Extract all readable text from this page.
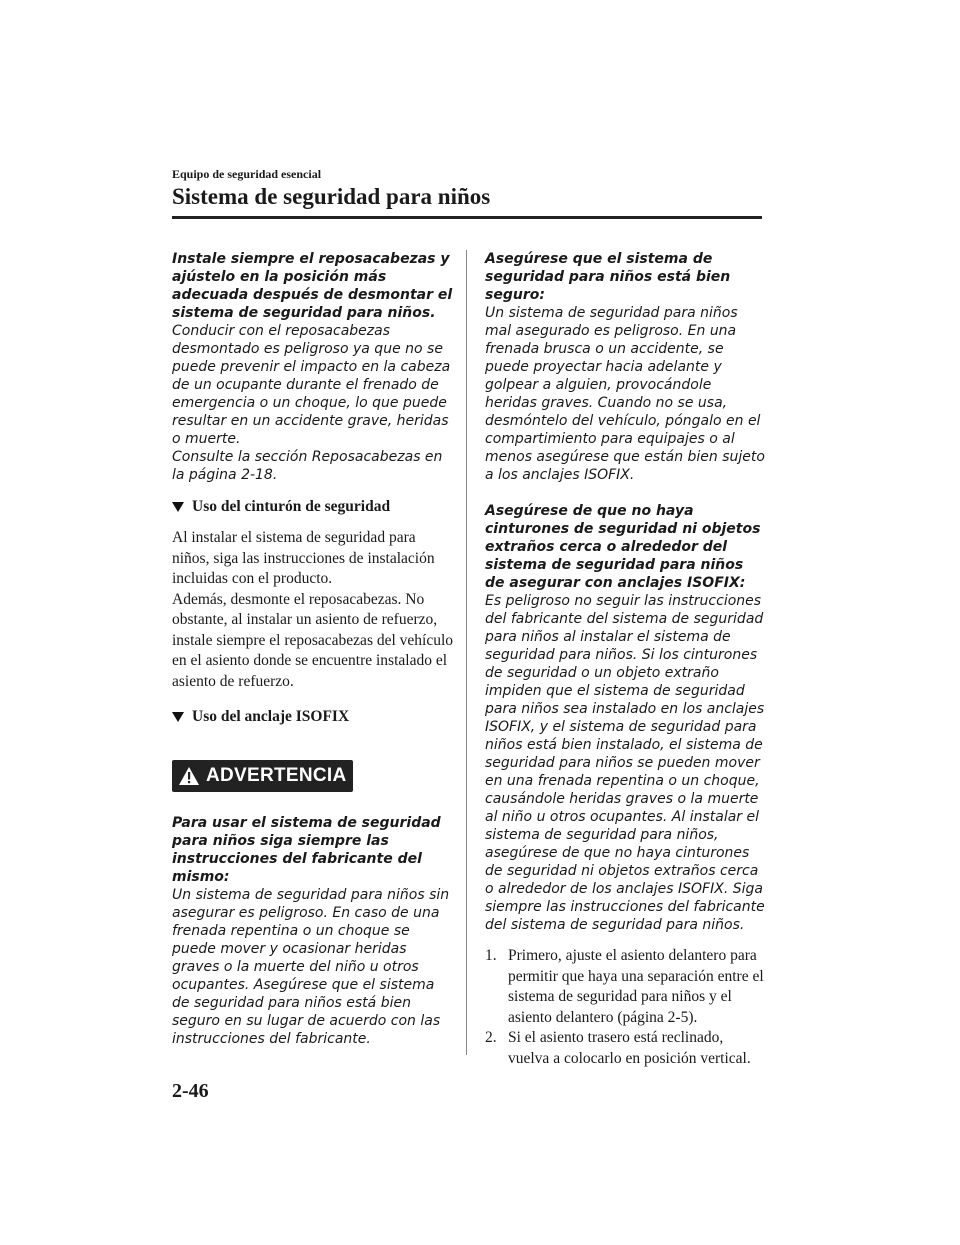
Equipo de seguridad esencial
Sistema de seguridad para niños

Instale siempre el reposacabezas y ajústelo en la posición más adecuada después de desmontar el sistema de seguridad para niños.

Conducir con el reposacabezas desmontado es peligroso ya que no se puede prevenir el impacto en la cabeza de un ocupante durante el frenado de emergencia o un choque, lo que puede resultar en un accidente grave, heridas o muerte.

Consulte la sección Reposacabezas en la página 2-18.

Uso del cinturón de seguridad

Al instalar el sistema de seguridad para niños, siga las instrucciones de instalación incluidas con el producto.

Además, desmonte el reposacabezas. No obstante, al instalar un asiento de refuerzo, instale siempre el reposacabezas del vehículo en el asiento donde se encuentre instalado el asiento de refuerzo.

Uso del anclaje ISOFIX
ADVERTENCIA

Para usar el sistema de seguridad para niños siga siempre las instrucciones del fabricante del mismo:

Un sistema de seguridad para niños sin asegurar es peligroso. En caso de una frenada repentina o un choque se puede mover y ocasionar heridas graves o la muerte del niño u otros ocupantes. Asegúrese que el sistema de seguridad para niños está bien seguro en su lugar de acuerdo con las instrucciones del fabricante.

Asegúrese que el sistema de seguridad para niños está bien seguro:

Un sistema de seguridad para niños mal asegurado es peligroso. En una frenada brusca o un accidente, se puede proyectar hacia adelante y golpear a alguien, provocándole heridas graves. Cuando no se usa, desmóntelo del vehículo, póngalo en el compartimiento para equipajes o al menos asegúrese que están bien sujeto a los anclajes ISOFIX.

Asegúrese de que no haya cinturones de seguridad ni objetos extraños cerca o alrededor del sistema de seguridad para niños de asegurar con anclajes ISOFIX:

Es peligroso no seguir las instrucciones del fabricante del sistema de seguridad para niños al instalar el sistema de seguridad para niños. Si los cinturones de seguridad o un objeto extraño impiden que el sistema de seguridad para niños sea instalado en los anclajes ISOFIX, y el sistema de seguridad para niños está bien instalado, el sistema de seguridad para niños se pueden mover en una frenada repentina o un choque, causándole heridas graves o la muerte al niño u otros ocupantes. Al instalar el sistema de seguridad para niños, asegúrese de que no haya cinturones de seguridad ni objetos extraños cerca o alrededor de los anclajes ISOFIX. Siga siempre las instrucciones del fabricante del sistema de seguridad para niños.

1. Primero, ajuste el asiento delantero para permitir que haya una separación entre el sistema de seguridad para niños y el asiento delantero (página 2-5).
2. Si el asiento trasero está reclinado, vuelva a colocarlo en posición vertical.
2-46
